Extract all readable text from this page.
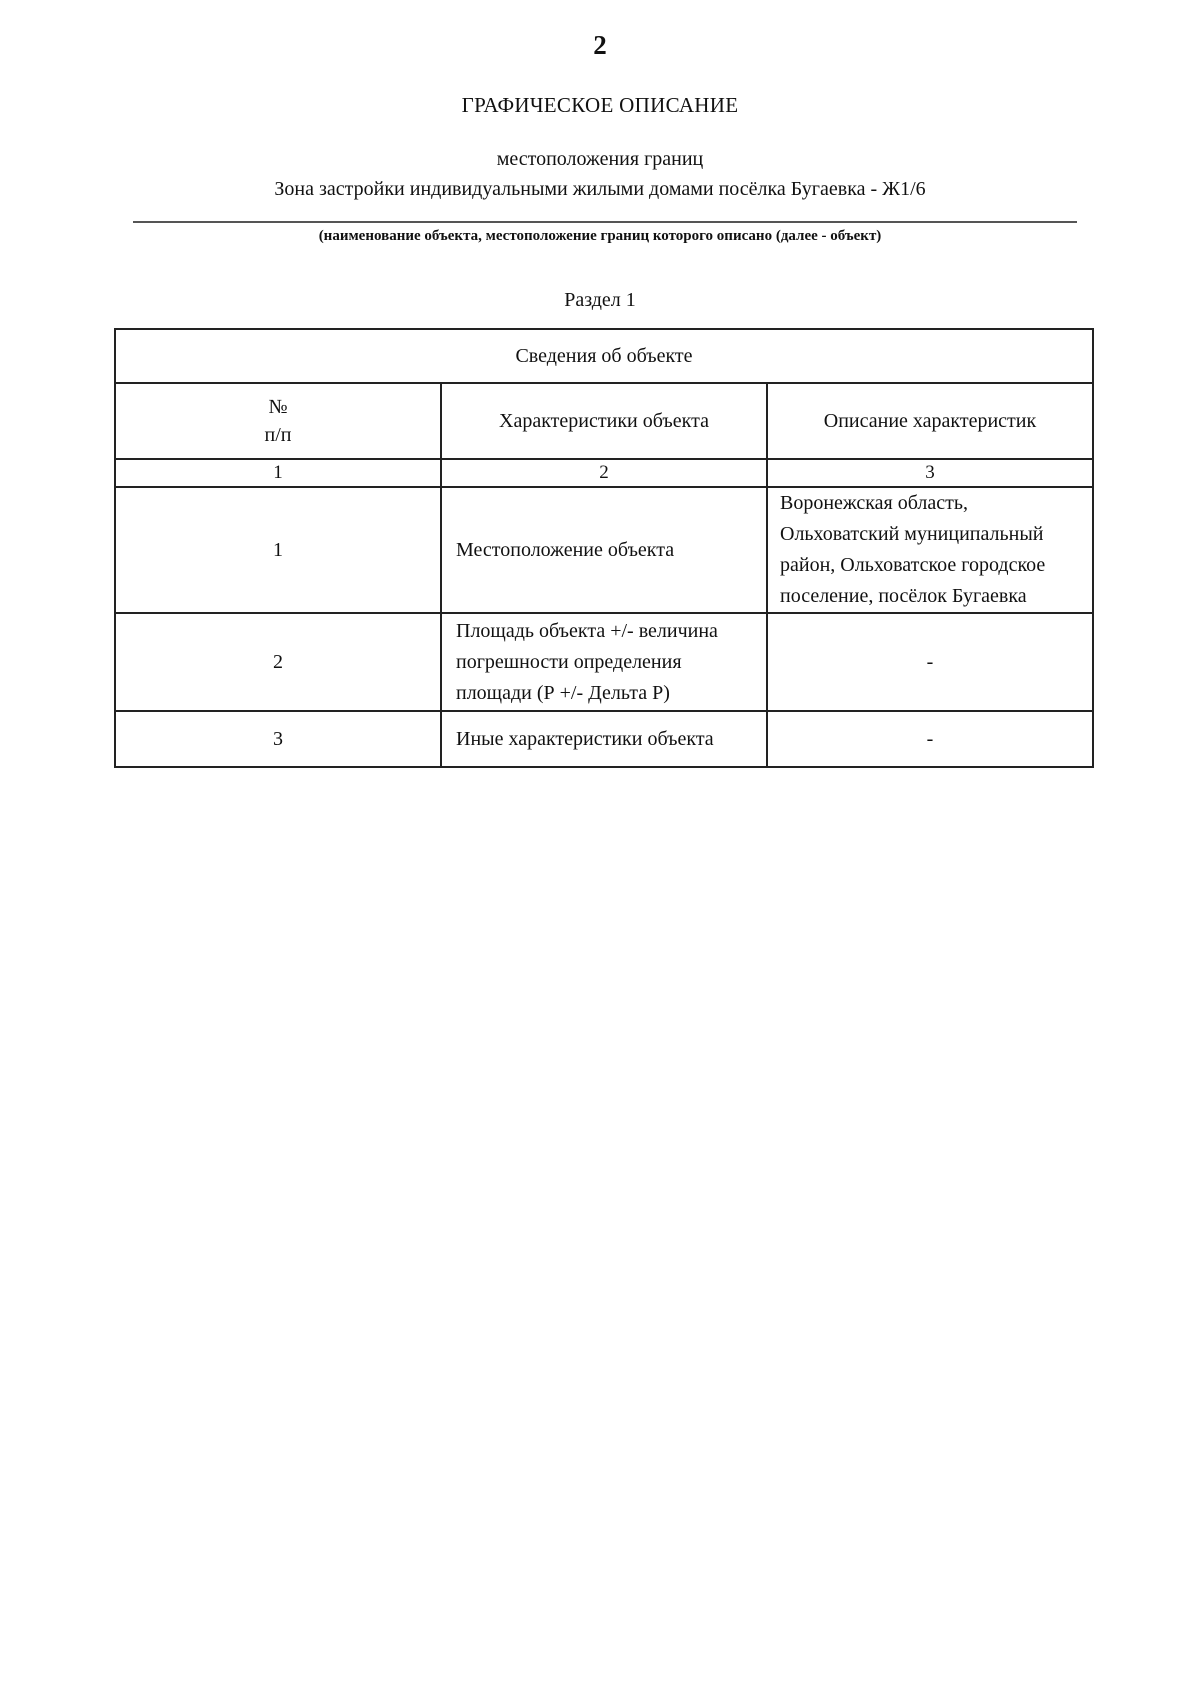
2
ГРАФИЧЕСКОЕ ОПИСАНИЕ
местоположения границ
Зона застройки индивидуальными жилыми домами посёлка Бугаевка - Ж1/6
(наименование объекта, местоположение границ которого описано (далее - объект)
Раздел 1
Сведения об объекте		

№
п/п	Характеристики объекта	Описание характеристик
1	2	3
1	Местоположение объекта	Воронежская область, Ольховатский муниципальный район, Ольховатское городское поселение, посёлок Бугаевка
2	Площадь объекта +/- величина погрешности определения площади (Р +/- Дельта Р)	-
3	Иные характеристики объекта	-
